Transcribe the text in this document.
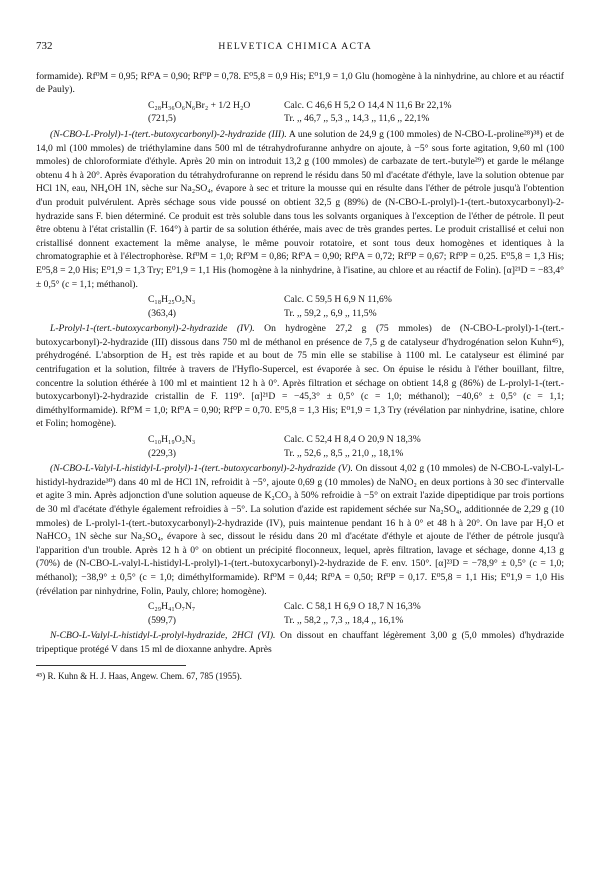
732	HELVETICA CHIMICA ACTA

formamide). Rf⁰M = 0,95; Rf⁰A = 0,90; Rf⁰P = 0,78. E⁰5,8 = 0,9 His; E⁰1,9 = 1,0 Glu (homogène à la ninhydrine, au chlore et au réactif de Pauly).

C₂₈H₃₆O₆N₆Br₂ + 1/2 H₂O	Calc. C 46,6 H 5,2 O 14,4 N 11,6 Br 22,1%
(721,5)	Tr. ,, 46,7 ,, 5,3 ,, 14,3 ,, 11,6 ,, 22,1%

(N-CBO-L-Prolyl)-1-(tert.-butoxycarbonyl)-2-hydrazide (III). A une solution de 24,9 g (100 mmoles) de N-CBO-L-proline²⁸)³⁸) et de 14,0 ml (100 mmoles) de triéthylamine dans 500 ml de tétrahydrofuranne anhydre on ajoute, à −5° sous forte agitation, 9,60 ml (100 mmoles) de chloroformiate d'éthyle. Après 20 min on introduit 13,2 g (100 mmoles) de carbazate de tert.-butyle²⁹) et garde le mélange obtenu 4 h à 20°. Après évaporation du tétrahydrofuranne on reprend le résidu dans 50 ml d'acétate d'éthyle, lave la solution obtenue par HCl 1N, eau, NH₄OH 1N, sèche sur Na₂SO₄, évapore à sec et triture la mousse qui en résulte dans l'éther de pétrole jusqu'à l'obtention d'un produit pulvérulent. Après séchage sous vide poussé on obtient 32,5 g (89%) de (N-CBO-L-prolyl)-1-(tert.-butoxycarbonyl)-2-hydrazide sans F. bien déterminé. Ce produit est très soluble dans tous les solvants organiques à l'exception de l'éther de pétrole. Il peut être obtenu à l'état cristallin (F. 164°) à partir de sa solution éthérée, mais avec de très grandes pertes. Le produit cristallisé et celui non cristallisé donnent exactement la même analyse, le même pouvoir rotatoire, et sont tous deux homogènes et identiques à la chromatographie et à l'électrophorèse. Rf⁰M = 1,0; Rf⁰M = 0,86; Rf⁰A = 0,90; Rf⁰A = 0,72; Rf⁰P = 0,67; Rf⁰P = 0,25. E⁰5,8 = 1,3 His; E⁰5,8 = 2,0 His; E⁰1,9 = 1,3 Try; E⁰1,9 = 1,1 His (homogène à la ninhydrine, à l'isatine, au chlore et au réactif de Folin). [α]²¹D = −83,4° ± 0,5° (c = 1,1; méthanol).

C₁₈H₂₅O₅N₃	Calc. C 59,5 H 6,9 N 11,6%
(363,4)	Tr. ,, 59,2 ,, 6,9 ,, 11,5%

L-Prolyl-1-(tert.-butoxycarbonyl)-2-hydrazide (IV). On hydrogène 27,2 g (75 mmoles) de (N-CBO-L-prolyl)-1-(tert.-butoxycarbonyl)-2-hydrazide (III) dissous dans 750 ml de méthanol en présence de 7,5 g de catalyseur d'hydrogénation selon Kuhn⁴⁵), préhydrogéné. L'absorption de H₂ est très rapide et au bout de 75 min elle se stabilise à 1100 ml. Le catalyseur est éliminé par centrifugation et la solution, filtrée à travers de l'Hyflo-Supercel, est évaporée à sec. On épuise le résidu à l'éther bouillant, filtre, concentre la solution éthérée à 100 ml et maintient 12 h à 0°. Après filtration et séchage on obtient 14,8 g (86%) de L-prolyl-1-(tert.-butoxycarbonyl)-2-hydrazide cristallin de F. 119°. [α]²¹D = −45,3° ± 0,5° (c = 1,0; méthanol); −40,6° ± 0,5° (c = 1,1; diméthylformamide). Rf⁰M = 1,0; Rf⁰A = 0,90; Rf⁰P = 0,70. E⁰5,8 = 1,3 His; E⁰1,9 = 1,3 Try (révélation par ninhydrine, isatine, chlore et Folin; homogène).

C₁₀H₁₉O₃N₃	Calc. C 52,4 H 8,4 O 20,9 N 18,3%
(229,3)	Tr. ,, 52,6 ,, 8,5 ,, 21,0 ,, 18,1%

(N-CBO-L-Valyl-L-histidyl-L-prolyl)-1-(tert.-butoxycarbonyl)-2-hydrazide (V). On dissout 4,02 g (10 mmoles) de N-CBO-L-valyl-L-histidyl-hydrazide³⁰) dans 40 ml de HCl 1N, refroidit à −5°, ajoute 0,69 g (10 mmoles) de NaNO₂ en deux portions à 30 sec d'intervalle et agite 3 min. Après adjonction d'une solution aqueuse de K₂CO₃ à 50% refroidie à −5° on extrait l'azide dipeptidique par trois portions de 30 ml d'acétate d'éthyle également refroidies à −5°. La solution d'azide est rapidement séchée sur Na₂SO₄, additionnée de 2,29 g (10 mmoles) de L-prolyl-1-(tert.-butoxycarbonyl)-2-hydrazide (IV), puis maintenue pendant 16 h à 0° et 48 h à 20°. On lave par H₂O et NaHCO₃ 1N sèche sur Na₂SO₄, évapore à sec, dissout le résidu dans 20 ml d'acétate d'éthyle et ajoute de l'éther de pétrole jusqu'à l'apparition d'un trouble. Après 12 h à 0° on obtient un précipité floconneux, lequel, après filtration, lavage et séchage, donne 4,13 g (70%) de (N-CBO-L-valyl-L-histidyl-L-prolyl)-1-(tert.-butoxycarbonyl)-2-hydrazide de F. env. 150°. [α]²³D = −78,9° ± 0,5° (c = 1,0; méthanol); −38,9° ± 0,5° (c = 1,0; diméthylformamide). Rf⁰M = 0,44; Rf⁰A = 0,50; Rf⁰P = 0,17. E⁰5,8 = 1,1 His; E⁰1,9 = 1,0 His (révélation par ninhydrine, Folin, Pauly, chlore; homogène).

C₂₉H₄₁O₇N₇	Calc. C 58,1 H 6,9 O 18,7 N 16,3%
(599,7)	Tr. ,, 58,2 ,, 7,3 ,, 18,4 ,, 16,1%

N-CBO-L-Valyl-L-histidyl-L-prolyl-hydrazide, 2HCl (VI). On dissout en chauffant légèrement 3,00 g (5,0 mmoles) d'hydrazide tripeptique protégé V dans 15 ml de dioxanne anhydre. Après

⁴⁵) R. Kuhn & H. J. Haas, Angew. Chem. 67, 785 (1955).
